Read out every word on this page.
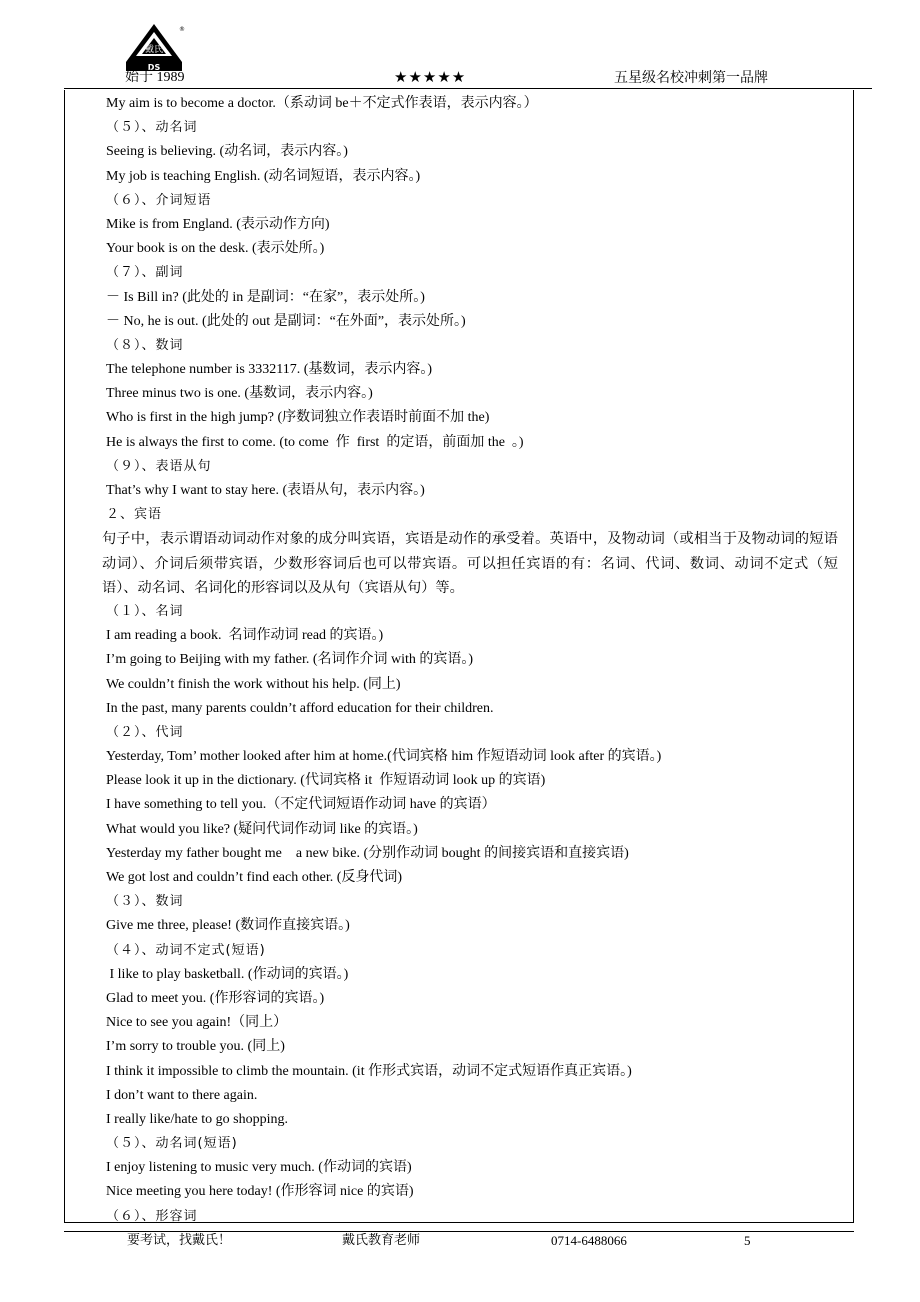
戴氏
DS
®
始于 1989	★★★★★	五星级名校冲刺第一品牌
My aim is to become a doctor.（系动词 be＋不定式作表语，表示内容。）
（５）、动名词
Seeing is believing. (动名词，表示内容。)
My job is teaching English. (动名词短语，表示内容。)
（６）、介词短语
Mike is from England. (表示动作方向)
Your book is on the desk. (表示处所。)
（７）、副词
－ Is Bill in? (此处的 in 是副词：“在家”，表示处所。)
－ No, he is out. (此处的 out 是副词：“在外面”，表示处所。)
（８）、数词
The telephone number is 3332117. (基数词，表示内容。)
Three minus two is one. (基数词，表示内容。)
Who is first in the high jump? (序数词独立作表语时前面不加 the)
He is always the first to come. (to come  作  first  的定语，前面加 the  。)
（９）、表语从句
That’s why I want to stay here. (表语从句，表示内容。)
２、宾语
句子中，表示谓语动词动作对象的成分叫宾语，宾语是动作的承受着。英语中，及物动词（或相当于及物动词的短语动词）、介词后须带宾语，少数形容词后也可以带宾语。可以担任宾语的有：名词、代词、数词、动词不定式（短语）、动名词、名词化的形容词以及从句（宾语从句）等。
（１）、名词
I am reading a book.  名词作动词 read 的宾语。)
I’m going to Beijing with my father. (名词作介词 with 的宾语。)
We couldn’t finish the work without his help. (同上)
In the past, many parents couldn’t afford education for their children.
（２）、代词
Yesterday, Tom’ mother looked after him at home.(代词宾格 him 作短语动词 look after 的宾语。)
Please look it up in the dictionary. (代词宾格 it  作短语动词 look up 的宾语)
I have something to tell you.（不定代词短语作动词 have 的宾语）
What would you like? (疑问代词作动词 like 的宾语。)
Yesterday my father bought me    a new bike. (分别作动词 bought 的间接宾语和直接宾语)
We got lost and couldn’t find each other. (反身代词)
（３）、数词
Give me three, please! (数词作直接宾语。)
（４）、动词不定式(短语)
I like to play basketball. (作动词的宾语。)
Glad to meet you. (作形容词的宾语。)
Nice to see you again!（同上）
I’m sorry to trouble you. (同上)
I think it impossible to climb the mountain. (it 作形式宾语，动词不定式短语作真正宾语。)
I don’t want to there again.
I really like/hate to go shopping.
（５）、动名词(短语)
I enjoy listening to music very much. (作动词的宾语)
Nice meeting you here today! (作形容词 nice 的宾语)
（６）、形容词
要考试，找戴氏！	戴氏教育老师	0714-6488066	5
